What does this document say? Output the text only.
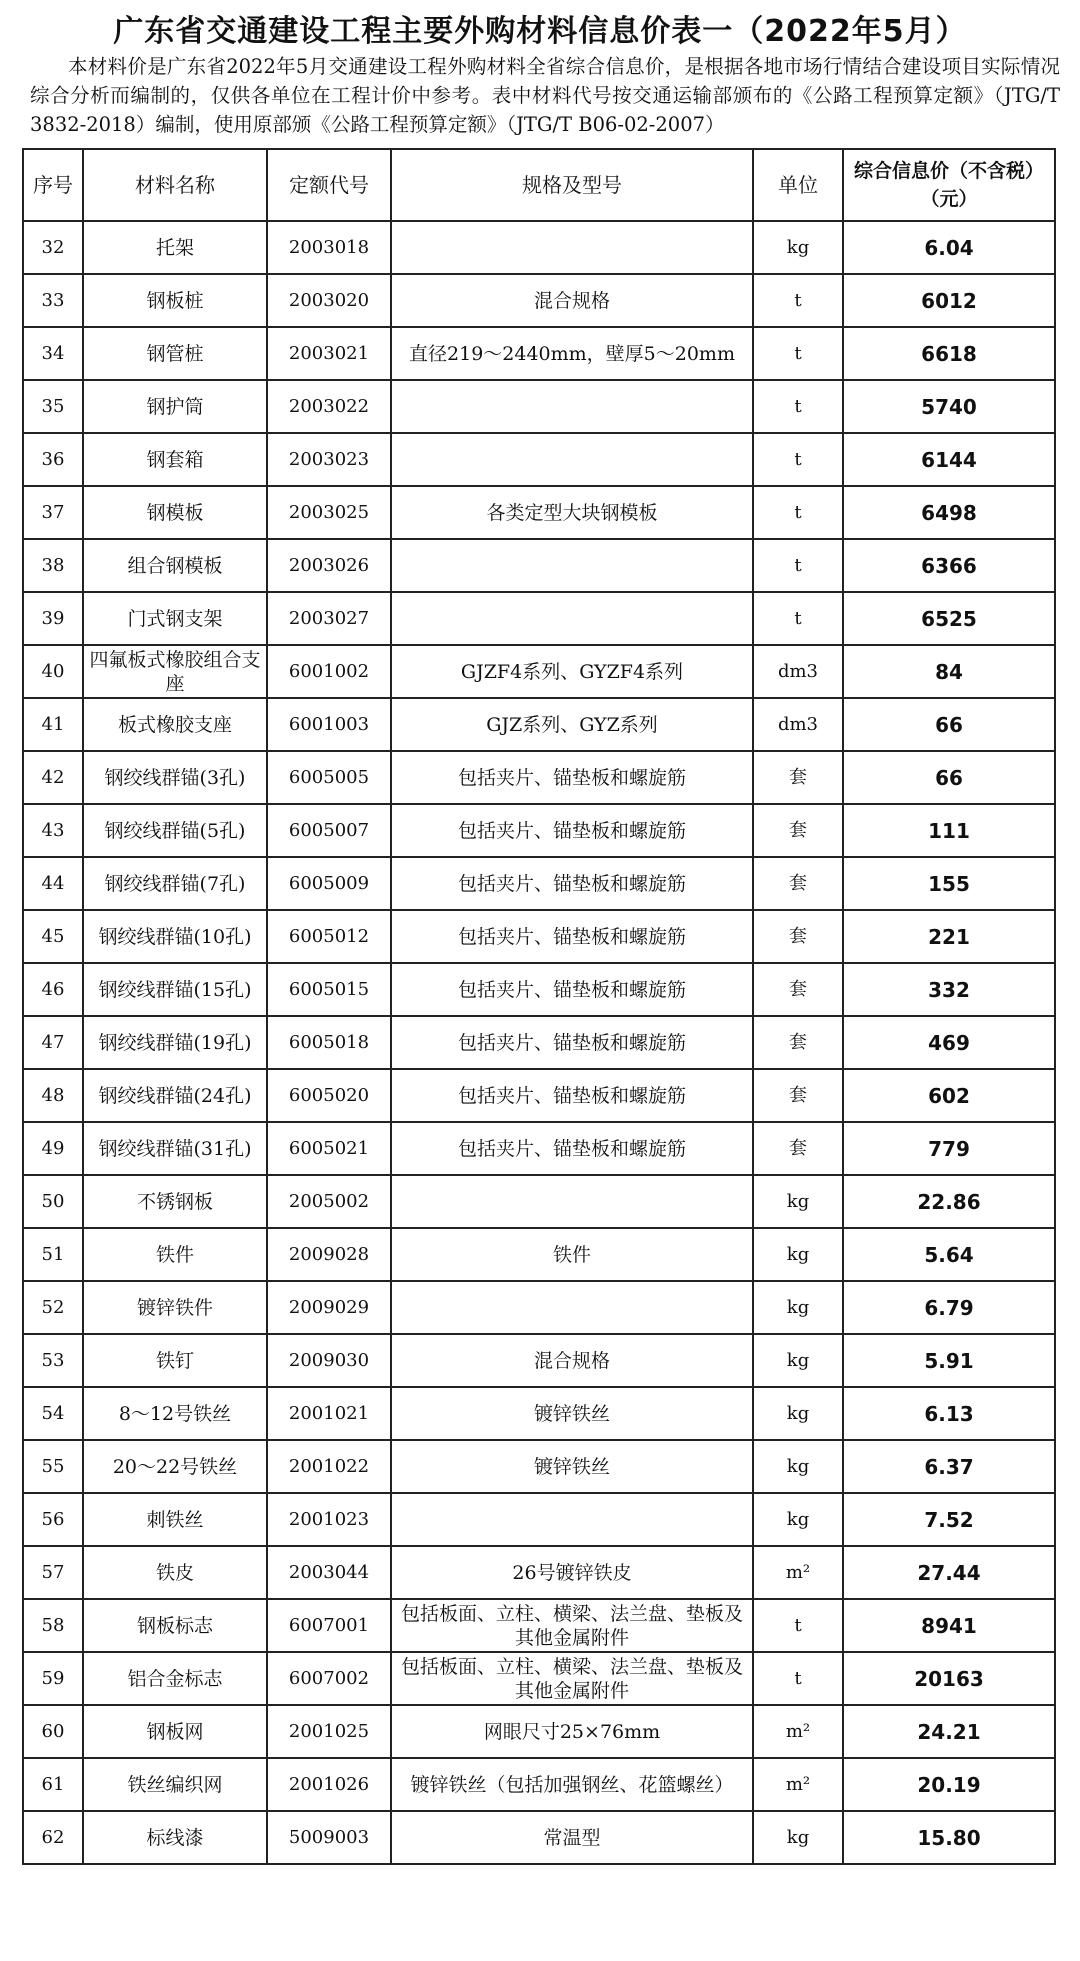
广东省交通建设工程主要外购材料信息价表一（2022年5月）
本材料价是广东省2022年5月交通建设工程外购材料全省综合信息价，是根据各地市场行情结合建设项目实际情况综合分析而编制的，仅供各单位在工程计价中参考。表中材料代号按交通运输部颁布的《公路工程预算定额》（JTG/T 3832-2018）编制，使用原部颁《公路工程预算定额》（JTG/T B06-02-2007）
序号	材料名称	定额代号	规格及型号	单位	综合信息价（不含税）（元）
32	托架	2003018		kg	6.04
33	钢板桩	2003020	混合规格	t	6012
34	钢管桩	2003021	直径219～2440mm，壁厚5～20mm	t	6618
35	钢护筒	2003022		t	5740
36	钢套箱	2003023		t	6144
37	钢模板	2003025	各类定型大块钢模板	t	6498
38	组合钢模板	2003026		t	6366
39	门式钢支架	2003027		t	6525
40	四氟板式橡胶组合支座	6001002	GJZF4系列、GYZF4系列	dm3	84
41	板式橡胶支座	6001003	GJZ系列、GYZ系列	dm3	66
42	钢绞线群锚(3孔)	6005005	包括夹片、锚垫板和螺旋筋	套	66
43	钢绞线群锚(5孔)	6005007	包括夹片、锚垫板和螺旋筋	套	111
44	钢绞线群锚(7孔)	6005009	包括夹片、锚垫板和螺旋筋	套	155
45	钢绞线群锚(10孔)	6005012	包括夹片、锚垫板和螺旋筋	套	221
46	钢绞线群锚(15孔)	6005015	包括夹片、锚垫板和螺旋筋	套	332
47	钢绞线群锚(19孔)	6005018	包括夹片、锚垫板和螺旋筋	套	469
48	钢绞线群锚(24孔)	6005020	包括夹片、锚垫板和螺旋筋	套	602
49	钢绞线群锚(31孔)	6005021	包括夹片、锚垫板和螺旋筋	套	779
50	不锈钢板	2005002		kg	22.86
51	铁件	2009028	铁件	kg	5.64
52	镀锌铁件	2009029		kg	6.79
53	铁钉	2009030	混合规格	kg	5.91
54	8～12号铁丝	2001021	镀锌铁丝	kg	6.13
55	20～22号铁丝	2001022	镀锌铁丝	kg	6.37
56	刺铁丝	2001023		kg	7.52
57	铁皮	2003044	26号镀锌铁皮	m²	27.44
58	钢板标志	6007001	包括板面、立柱、横梁、法兰盘、垫板及其他金属附件	t	8941
59	铝合金标志	6007002	包括板面、立柱、横梁、法兰盘、垫板及其他金属附件	t	20163
60	钢板网	2001025	网眼尺寸25×76mm	m²	24.21
61	铁丝编织网	2001026	镀锌铁丝（包括加强钢丝、花篮螺丝）	m²	20.19
62	标线漆	5009003	常温型	kg	15.80
